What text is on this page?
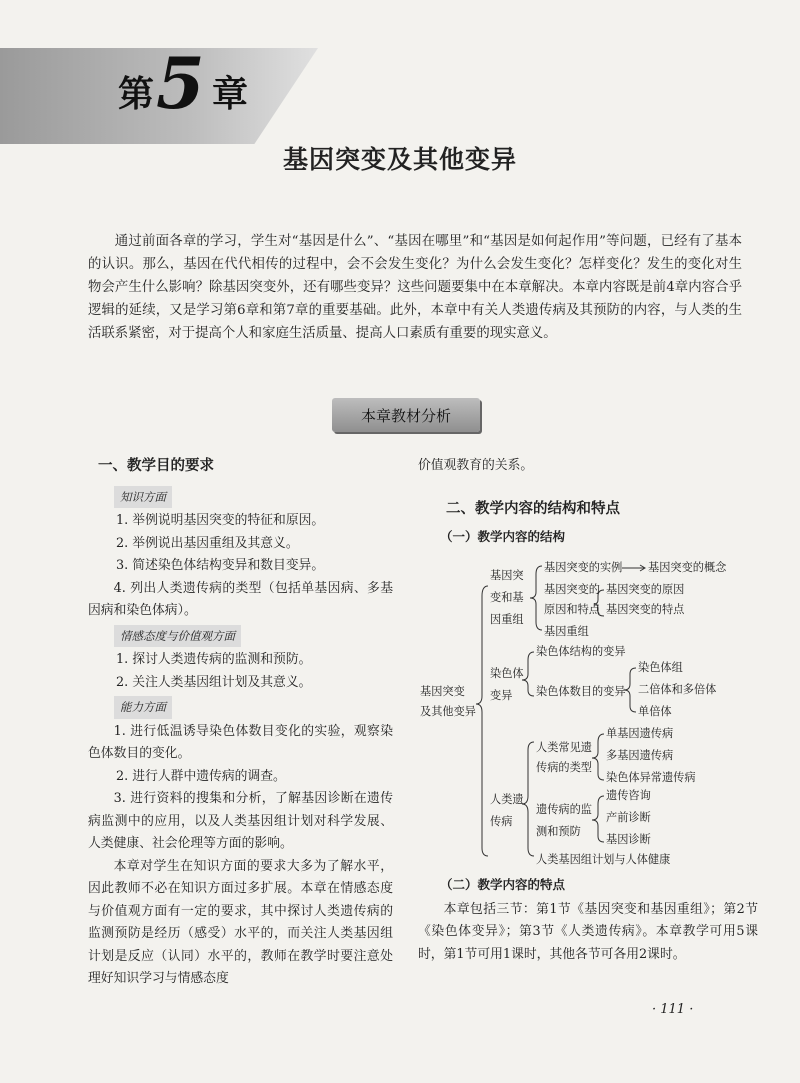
第 5 章
基因突变及其他变异
通过前面各章的学习，学生对“基因是什么”、“基因在哪里”和“基因是如何起作用”等问题，已经有了基本的认识。那么，基因在代代相传的过程中，会不会发生变化？为什么会发生变化？怎样变化？发生的变化对生物会产生什么影响？除基因突变外，还有哪些变异？这些问题要集中在本章解决。本章内容既是前4章内容合乎逻辑的延续，又是学习第6章和第7章的重要基础。此外，本章中有关人类遗传病及其预防的内容，与人类的生活联系紧密，对于提高个人和家庭生活质量、提高人口素质有重要的现实意义。
本章教材分析
一、教学目的要求
知识方面
1. 举例说明基因突变的特征和原因。
2. 举例说出基因重组及其意义。
3. 简述染色体结构变异和数目变异。
4. 列出人类遗传病的类型（包括单基因病、多基因病和染色体病）。
情感态度与价值观方面
1. 探讨人类遗传病的监测和预防。
2. 关注人类基因组计划及其意义。
能力方面
1. 进行低温诱导染色体数目变化的实验，观察染色体数目的变化。
2. 进行人群中遗传病的调查。
3. 进行资料的搜集和分析，了解基因诊断在遗传病监测中的应用，以及人类基因组计划对科学发展、人类健康、社会伦理等方面的影响。
本章对学生在知识方面的要求大多为了解水平，因此教师不必在知识方面过多扩展。本章在情感态度与价值观方面有一定的要求，其中探讨人类遗传病的监测预防是经历（感受）水平的，而关注人类基因组计划是反应（认同）水平的，教师在教学时要注意处理好知识学习与情感态度
价值观教育的关系。
二、教学内容的结构和特点
（一）教学内容的结构
基因突变
及其他变异
基因突
变和基
因重组
基因突变的实例 基因突变的概念
基因突变的
原因和特点
基因突变的原因
基因突变的特点
基因重组
染色体
变异
染色体结构的变异
染色体数目的变异
染色体组
二倍体和多倍体
单倍体
人类遗
传病
人类常见遗
传病的类型
单基因遗传病
多基因遗传病
染色体异常遗传病
遗传病的监
测和预防
遗传咨询
产前诊断
基因诊断
人类基因组计划与人体健康
（二）教学内容的特点
本章包括三节：第1节《基因突变和基因重组》；第2节《染色体变异》；第3节《人类遗传病》。本章教学可用5课时，第1节可用1课时，其他各节可各用2课时。
· 111 ·
